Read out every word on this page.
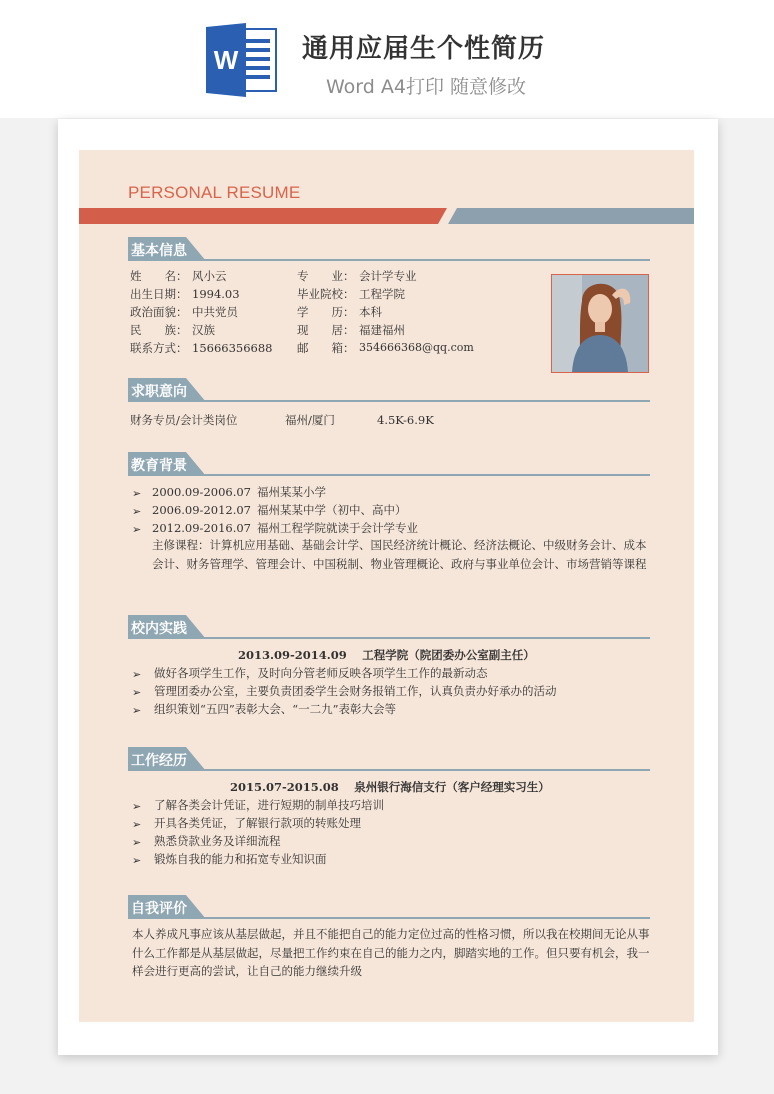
W 通用应届生个性简历
Word A4打印 随意修改
PERSONAL RESUME
基本信息
姓　　名： 风小云
出生日期： 1994.03
政治面貌： 中共党员
民　　族： 汉族
联系方式： 15666356688
专　　业： 会计学专业
毕业院校： 工程学院
学　　历： 本科
现　　居： 福建福州
邮　　箱： 354666368@qq.com
求职意向
财务专员/会计类岗位	福州/厦门	4.5K-6.9K
教育背景
➢ 2000.09-2006.07 福州某某小学
➢ 2006.09-2012.07 福州某某中学（初中、高中）
➢ 2012.09-2016.07 福州工程学院就读于会计学专业
主修课程：计算机应用基础、基础会计学、国民经济统计概论、经济法概论、中级财务会计、成本会计、财务管理学、管理会计、中国税制、物业管理概论、政府与事业单位会计、市场营销等课程
校内实践
2013.09-2014.09　 工程学院（院团委办公室副主任）
➢ 做好各项学生工作，及时向分管老师反映各项学生工作的最新动态
➢ 管理团委办公室，主要负责团委学生会财务报销工作，认真负责办好承办的活动
➢ 组织策划“五四”表彰大会、“一二九”表彰大会等
工作经历
2015.07-2015.08　 泉州银行海信支行（客户经理实习生）
➢ 了解各类会计凭证，进行短期的制单技巧培训
➢ 开具各类凭证，了解银行款项的转账处理
➢ 熟悉贷款业务及详细流程
➢ 锻炼自我的能力和拓宽专业知识面
自我评价
本人养成凡事应该从基层做起，并且不能把自己的能力定位过高的性格习惯，所以我在校期间无论从事什么工作都是从基层做起，尽量把工作约束在自己的能力之内，脚踏实地的工作。但只要有机会，我一样会进行更高的尝试，让自己的能力继续升级
